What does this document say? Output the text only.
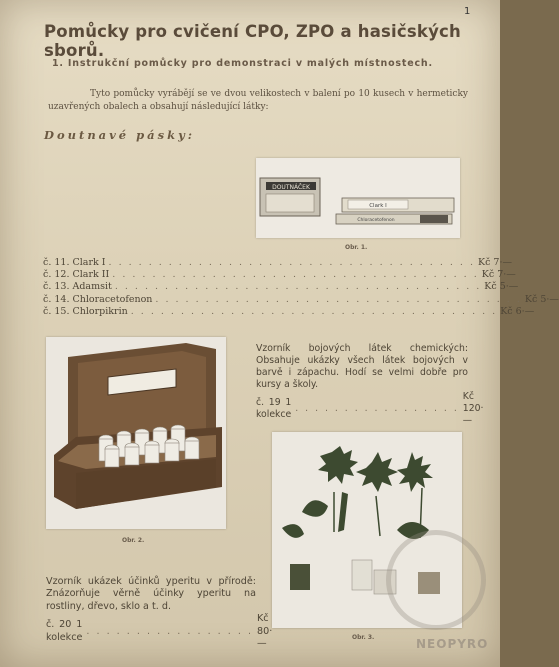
1
Pomůcky pro cvičení CPO, ZPO a hasičských sborů.
1. Instrukční pomůcky pro demonstraci v malých místnostech.
Tyto pomůcky vyrábějí se ve dvou velikostech v balení po 10 kusech v hermeticky uzavřených obalech a obsahují následující látky:
Doutnavé pásky:
DOUTNÁČEK
Clark I
Chloracetofenon
Obr. 1.
č. 11. Clark I . . . . . . . . . . . . . . . . . . . . . . . . . . . . . . . . . . . . . Kč 7·—
č. 12. Clark II . . . . . . . . . . . . . . . . . . . . . . . . . . . . . . . . . . . . . Kč 7·—
č. 13. Adamsit . . . . . . . . . . . . . . . . . . . . . . . . . . . . . . . . . . . . . Kč 5·—
č. 14. Chloracetofenon . . . . . . . . . . . . . . . . . . . . . . . . . . . . . . . . . . . . . Kč 5·—
č. 15. Chlorpikrin . . . . . . . . . . . . . . . . . . . . . . . . . . . . . . . . . . . . . Kč 6·—
Obr. 2.
Vzorník bojových látek chemických: Obsahuje ukázky všech látek bojových v barvě i zápachu. Hodí se velmi dobře pro kursy a školy.
č. 19 1 kolekce
. . . . . . . . . . . . . . . . .
Kč 120·—
Obr. 3.
Vzorník ukázek účinků yperitu v přírodě: Znázorňuje věrně účinky yperitu na rostliny, dřevo, sklo a t. d.
č. 20 1 kolekce
. . . . . . . . . . . . . . . . .
Kč 80·—	NEOPYRO
